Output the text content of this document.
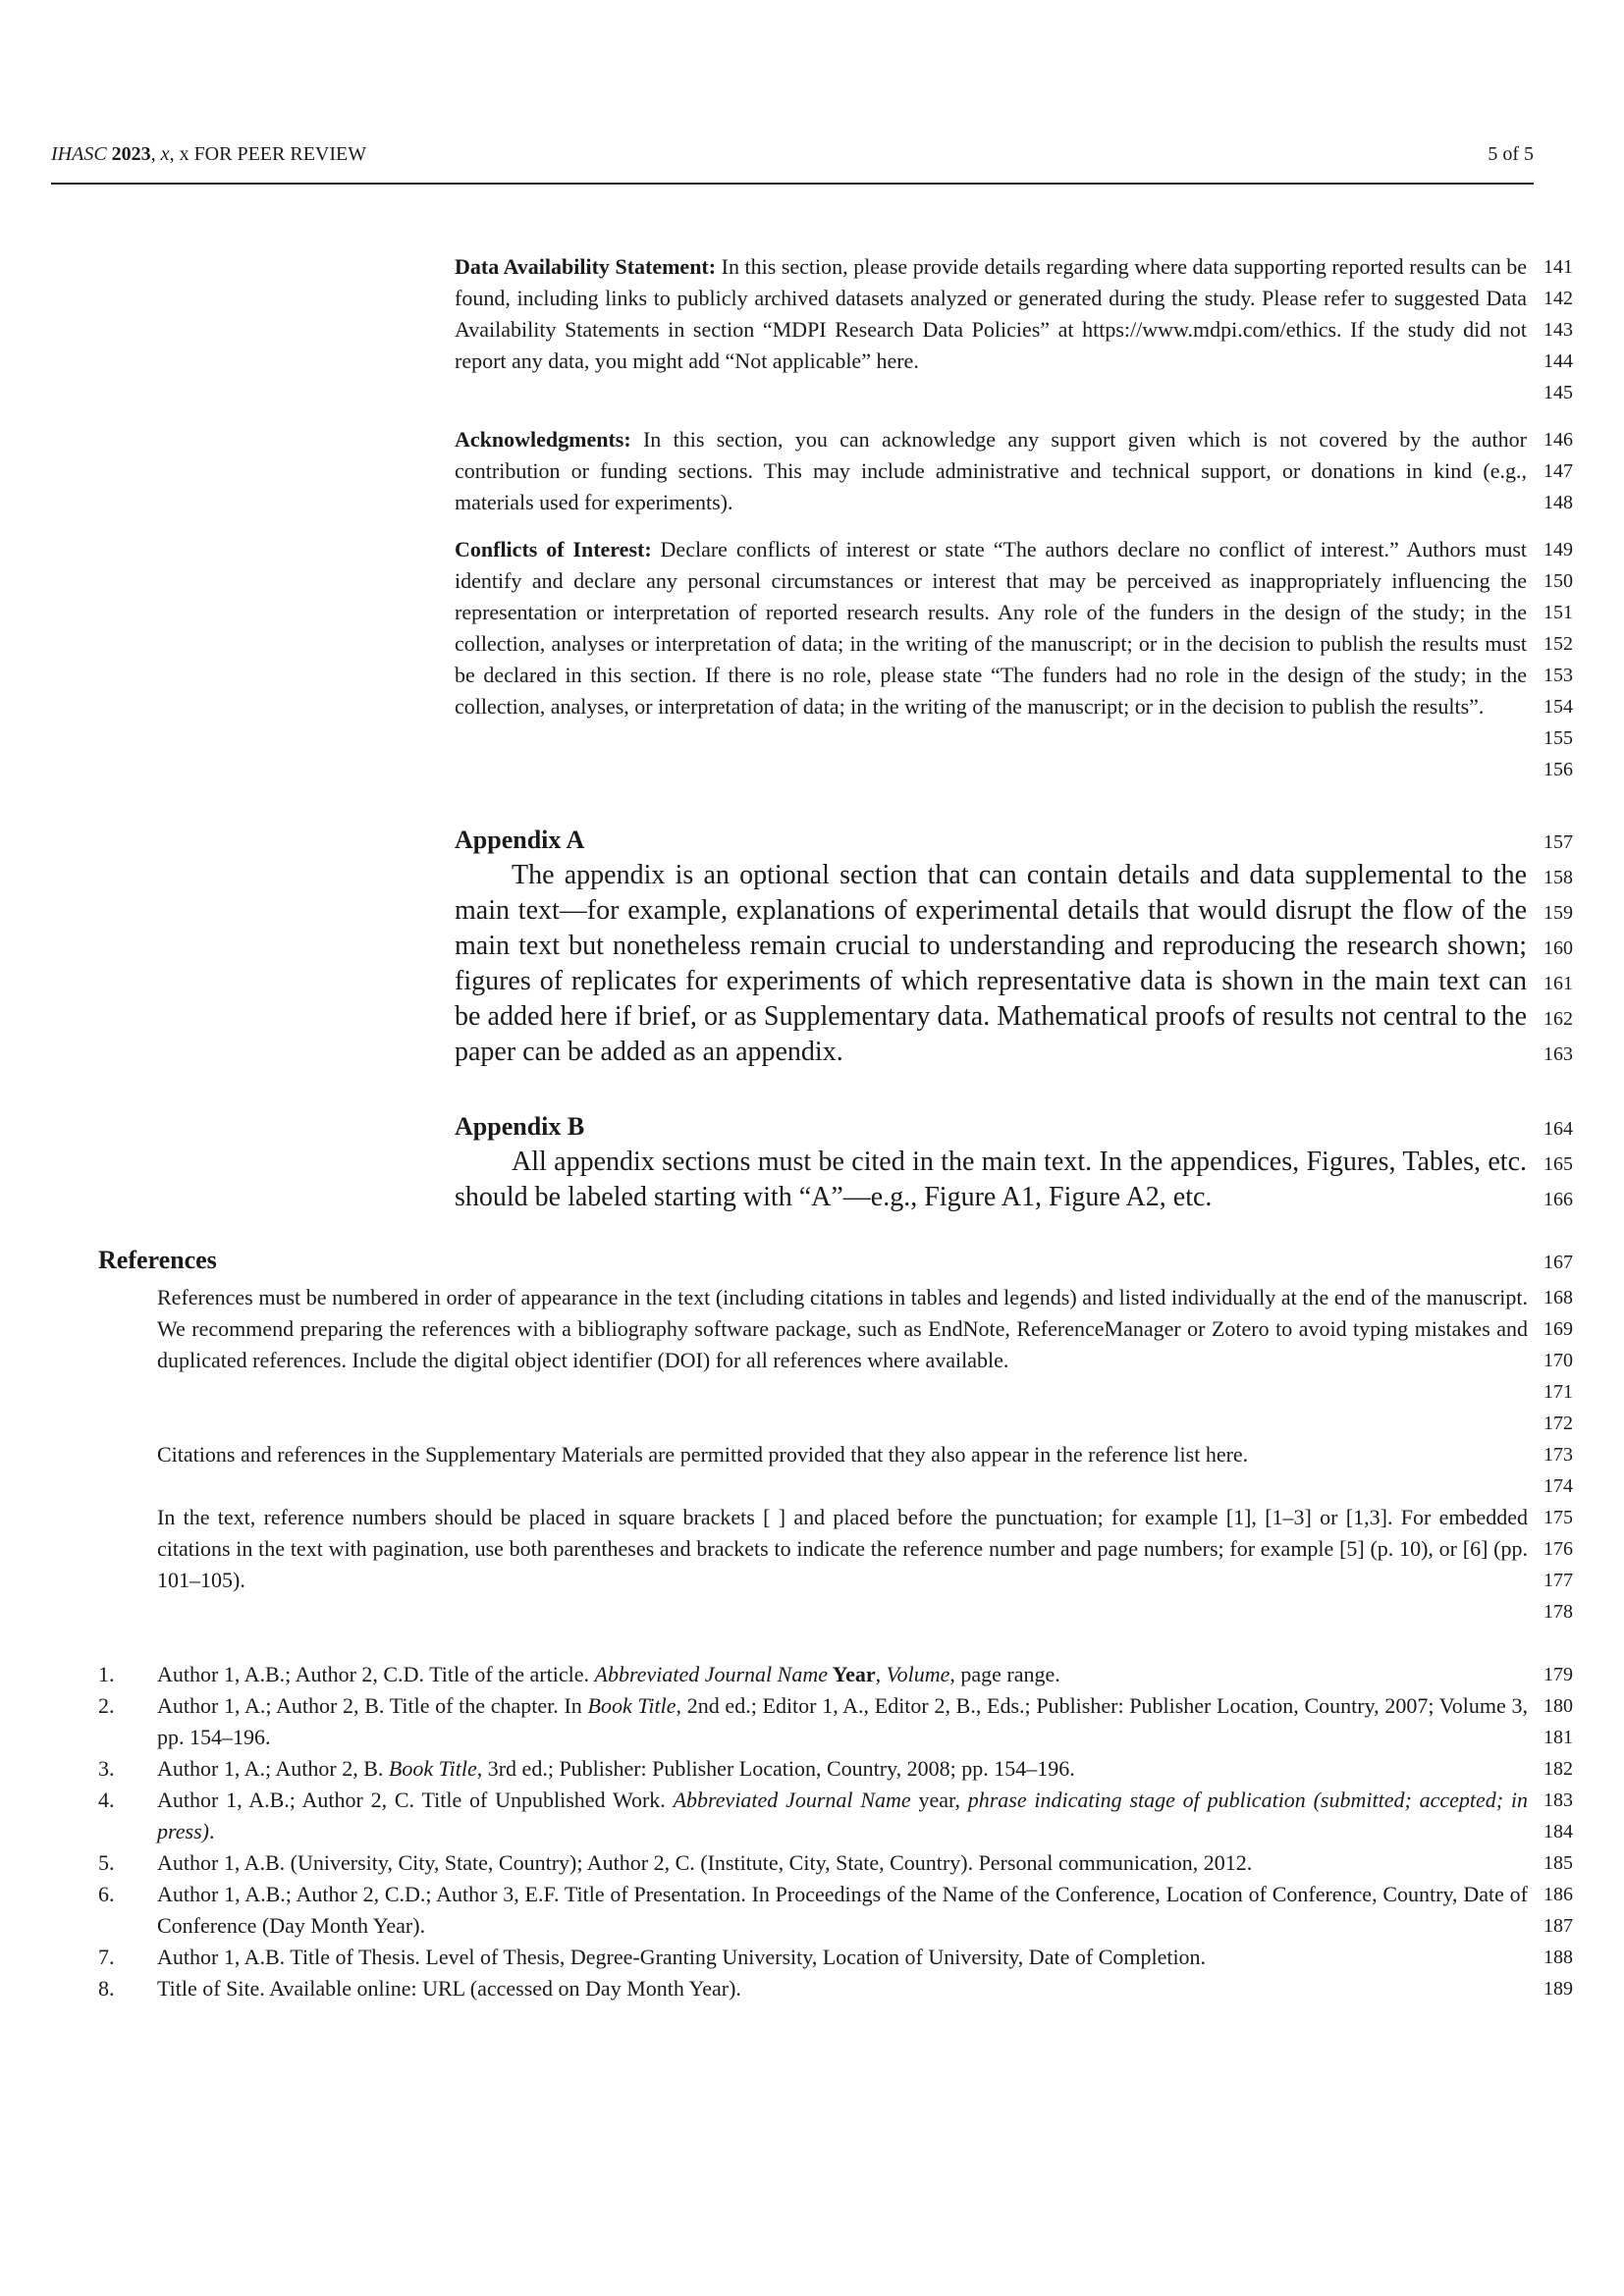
IHASC 2023, x, x FOR PEER REVIEW	5 of 5

Data Availability Statement: In this section, please provide details regarding where data supporting reported results can be found, including links to publicly archived datasets analyzed or generated during the study. Please refer to suggested Data Availability Statements in section “MDPI Research Data Policies” at https://www.mdpi.com/ethics. If the study did not report any data, you might add “Not applicable” here.

Acknowledgments: In this section, you can acknowledge any support given which is not covered by the author contribution or funding sections. This may include administrative and technical support, or donations in kind (e.g., materials used for experiments).

Conflicts of Interest: Declare conflicts of interest or state “The authors declare no conflict of interest.” Authors must identify and declare any personal circumstances or interest that may be perceived as inappropriately influencing the representation or interpretation of reported research results. Any role of the funders in the design of the study; in the collection, analyses or interpretation of data; in the writing of the manuscript; or in the decision to publish the results must be declared in this section. If there is no role, please state “The funders had no role in the design of the study; in the collection, analyses, or interpretation of data; in the writing of the manuscript; or in the decision to publish the results”.

Appendix A

The appendix is an optional section that can contain details and data supplemental to the main text—for example, explanations of experimental details that would disrupt the flow of the main text but nonetheless remain crucial to understanding and reproducing the research shown; figures of replicates for experiments of which representative data is shown in the main text can be added here if brief, or as Supplementary data. Mathematical proofs of results not central to the paper can be added as an appendix.

Appendix B

All appendix sections must be cited in the main text. In the appendices, Figures, Tables, etc. should be labeled starting with “A”—e.g., Figure A1, Figure A2, etc.

References

References must be numbered in order of appearance in the text (including citations in tables and legends) and listed individually at the end of the manuscript. We recommend preparing the references with a bibliography software package, such as EndNote, ReferenceManager or Zotero to avoid typing mistakes and duplicated references. Include the digital object identifier (DOI) for all references where available.

Citations and references in the Supplementary Materials are permitted provided that they also appear in the reference list here.

In the text, reference numbers should be placed in square brackets [ ] and placed before the punctuation; for example [1], [1–3] or [1,3]. For embedded citations in the text with pagination, use both parentheses and brackets to indicate the reference number and page numbers; for example [5] (p. 10), or [6] (pp. 101–105).

1. Author 1, A.B.; Author 2, C.D. Title of the article. Abbreviated Journal Name Year, Volume, page range.
2. Author 1, A.; Author 2, B. Title of the chapter. In Book Title, 2nd ed.; Editor 1, A., Editor 2, B., Eds.; Publisher: Publisher Location, Country, 2007; Volume 3, pp. 154–196.
3. Author 1, A.; Author 2, B. Book Title, 3rd ed.; Publisher: Publisher Location, Country, 2008; pp. 154–196.
4. Author 1, A.B.; Author 2, C. Title of Unpublished Work. Abbreviated Journal Name year, phrase indicating stage of publication (submitted; accepted; in press).
5. Author 1, A.B. (University, City, State, Country); Author 2, C. (Institute, City, State, Country). Personal communication, 2012.
6. Author 1, A.B.; Author 2, C.D.; Author 3, E.F. Title of Presentation. In Proceedings of the Name of the Conference, Location of Conference, Country, Date of Conference (Day Month Year).
7. Author 1, A.B. Title of Thesis. Level of Thesis, Degree-Granting University, Location of University, Date of Completion.
8. Title of Site. Available online: URL (accessed on Day Month Year).
141
142
143
144
145
146
147
148
149
150
151
152
153
154
155
156
157
158
159
160
161
162
163
164
165
166
167
168
169
170
171
172
173
174
175
176
177
178
179
180
181
182
183
184
185
186
187
188
189
